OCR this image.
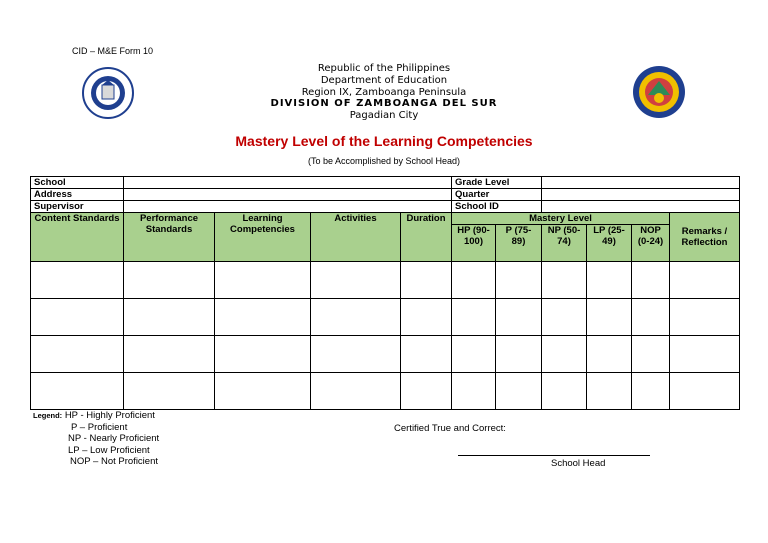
CID – M&E Form 10
Republic of the Philippines
Department of Education
Region IX, Zamboanga Peninsula
DIVISION OF ZAMBOANGA DEL SUR
Pagadian City
Mastery Level of the Learning Competencies
(To be Accomplished by School Head)
School					Grade Level					
Address					Quarter					
Supervisor					School ID					
Content Standards	Performance Standards	Learning Competencies	Activities	Duration	Mastery Level					Remarks / Reflection
					HP (90-100)	P (75-89)	NP (50-74)	LP (25-49)	NOP (0-24)	

Legend: HP - Highly Proficient
P – Proficient
NP - Nearly Proficient
LP – Low Proficient
NOP – Not Proficient
Certified True and Correct:
School Head
